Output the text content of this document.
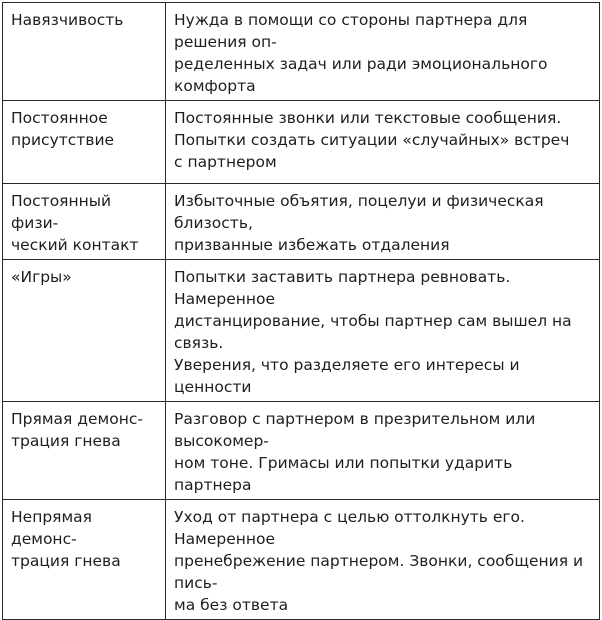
Навязчивость	Нужда в помощи со стороны партнера для решения оп-
ределенных задач или ради эмоционального комфорта

Постоянное
присутствие	Постоянные звонки или текстовые сообщения.
Попытки создать ситуации «случайных» встреч
с партнером

Постоянный физи-
ческий контакт	Избыточные объятия, поцелуи и физическая близость,
призванные избежать отдаления

«Игры»	Попытки заставить партнера ревновать. Намеренное
дистанцирование, чтобы партнер сам вышел на связь.
Уверения, что разделяете его интересы и ценности

Прямая демонс-
трация гнева	Разговор с партнером в презрительном или высокомер-
ном тоне. Гримасы или попытки ударить партнера

Непрямая демонс-
трация гнева	Уход от партнера с целью оттолкнуть его. Намеренное
пренебрежение партнером. Звонки, сообщения и пись-
ма без ответа
